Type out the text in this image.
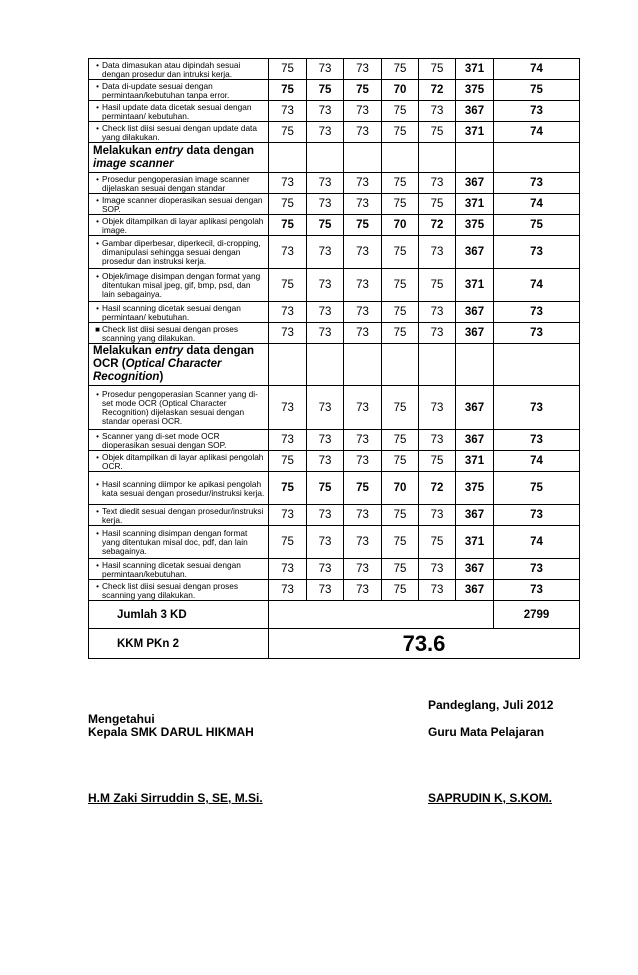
• Data dimasukan atau dipindah sesuai dengan prosedur dan intruksi kerja.	75	73	73	75	75	371	74

• Data di-update sesuai dengan permintaan/kebutuhan tanpa error.	75	75	75	70	72	375	75

• Hasil update data dicetak sesuai dengan permintaan/ kebutuhan.	73	73	73	75	73	367	73

• Check list diisi sesuai dengan update data yang dilakukan.	75	73	73	75	75	371	74
Melakukan entry data dengan
image scanner							

• Prosedur pengoperasian image scanner dijelaskan sesuai dengan standar	73	73	73	75	73	367	73

• Image scanner dioperasikan sesuai dengan SOP.	75	73	73	75	75	371	74

• Objek ditampilkan di layar aplikasi pengolah image.	75	75	75	70	72	375	75

• Gambar diperbesar, diperkecil, di-cropping, dimanipulasi sehingga sesuai dengan prosedur dan instruksi kerja.	73	73	73	75	73	367	73

• Objek/image disimpan dengan format yang ditentukan misal jpeg, gif, bmp, psd, dan lain sebagainya.	75	73	73	75	75	371	74

• Hasil scanning dicetak sesuai dengan permintaan/ kebutuhan.	73	73	73	75	73	367	73

■ Check list diisi sesuai dengan proses scanning yang dilakukan.	73	73	73	75	73	367	73
Melakukan entry data dengan
OCR (Optical Character Recognition)							

• Prosedur pengoperasian Scanner yang di-set mode OCR (Optical Character Recognition) dijelaskan sesuai dengan standar operasi OCR.	73	73	73	75	73	367	73

• Scanner yang di-set mode OCR dioperasikan sesuai dengan SOP.	73	73	73	75	73	367	73

• Objek ditampilkan di layar aplikasi pengolah OCR.	75	73	73	75	75	371	74

• Hasil scanning diimpor ke apikasi pengolah kata sesuai dengan prosedur/instruksi kerja.	75	75	75	70	72	375	75

• Text diedit sesuai dengan prosedur/instruksi kerja.	73	73	73	75	73	367	73

• Hasil scanning disimpan dengan format yang ditentukan misal doc, pdf, dan lain sebagainya.	75	73	73	75	75	371	74

• Hasil scanning dicetak sesuai dengan permintaan/kebutuhan.	73	73	73	75	73	367	73

• Check list diisi sesuai dengan proses scanning yang dilakukan.	73	73	73	75	73	367	73
Jumlah 3 KD							2799
KKM PKn 2	73.6						
Pandeglang, Juli 2012
Mengetahui
Kepala SMK DARUL HIKMAH	Guru Mata Pelajaran
H.M Zaki Sirruddin S, SE, M.Si.	SAPRUDIN K, S.KOM.
